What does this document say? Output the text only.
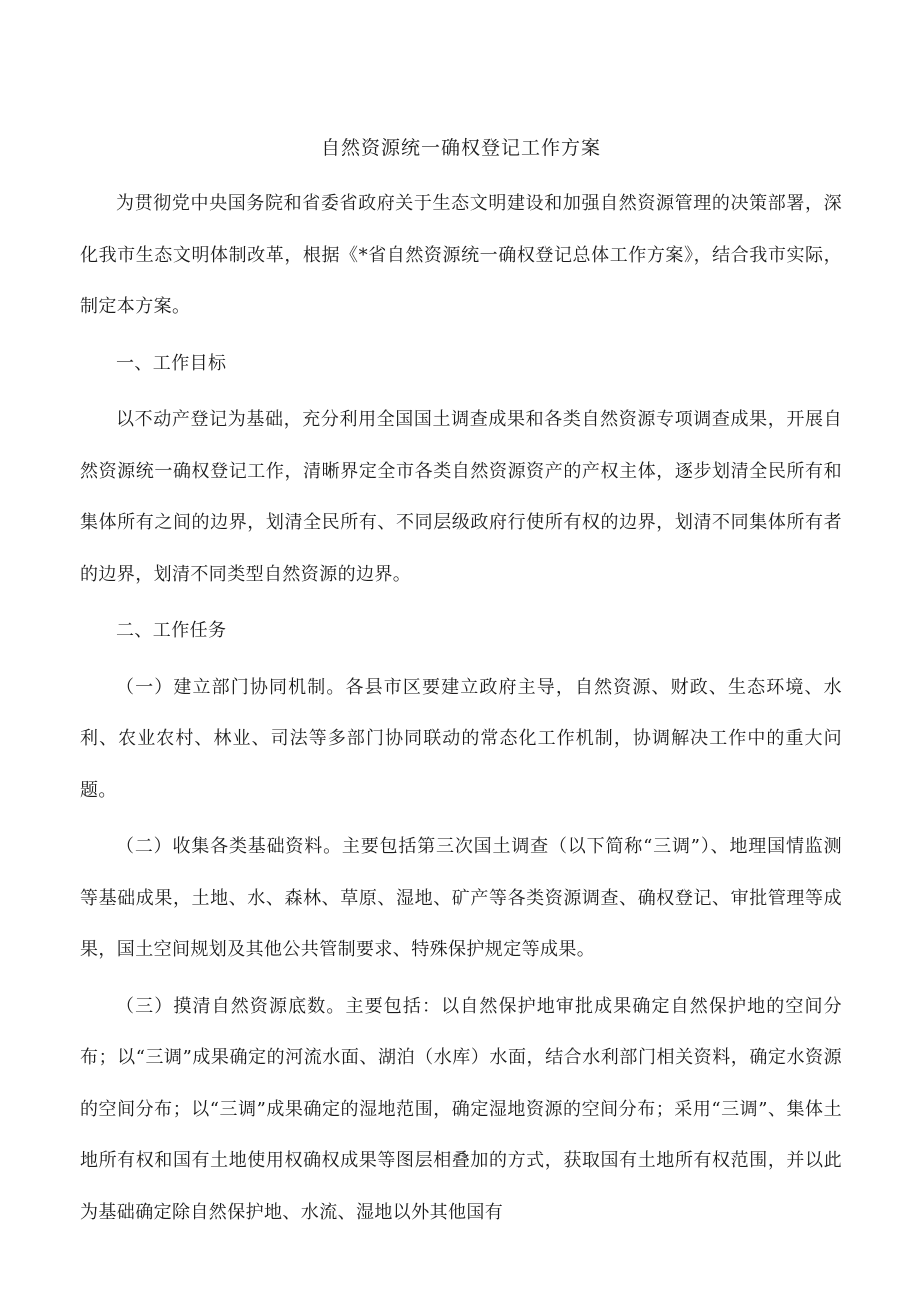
自然资源统一确权登记工作方案

为贯彻党中央国务院和省委省政府关于生态文明建设和加强自然资源管理的决策部署，深化我市生态文明体制改革，根据《*省自然资源统一确权登记总体工作方案》，结合我市实际，制定本方案。

一、工作目标

以不动产登记为基础，充分利用全国国土调查成果和各类自然资源专项调查成果，开展自然资源统一确权登记工作，清晰界定全市各类自然资源资产的产权主体，逐步划清全民所有和集体所有之间的边界，划清全民所有、不同层级政府行使所有权的边界，划清不同集体所有者的边界，划清不同类型自然资源的边界。

二、工作任务

（一）建立部门协同机制。各县市区要建立政府主导，自然资源、财政、生态环境、水利、农业农村、林业、司法等多部门协同联动的常态化工作机制，协调解决工作中的重大问题。

（二）收集各类基础资料。主要包括第三次国土调查（以下简称“三调”）、地理国情监测等基础成果，土地、水、森林、草原、湿地、矿产等各类资源调查、确权登记、审批管理等成果，国土空间规划及其他公共管制要求、特殊保护规定等成果。

（三）摸清自然资源底数。主要包括：以自然保护地审批成果确定自然保护地的空间分布；以“三调”成果确定的河流水面、湖泊（水库）水面，结合水利部门相关资料，确定水资源的空间分布；以“三调”成果确定的湿地范围，确定湿地资源的空间分布；采用“三调”、集体土地所有权和国有土地使用权确权成果等图层相叠加的方式，获取国有土地所有权范围，并以此为基础确定除自然保护地、水流、湿地以外其他国有
